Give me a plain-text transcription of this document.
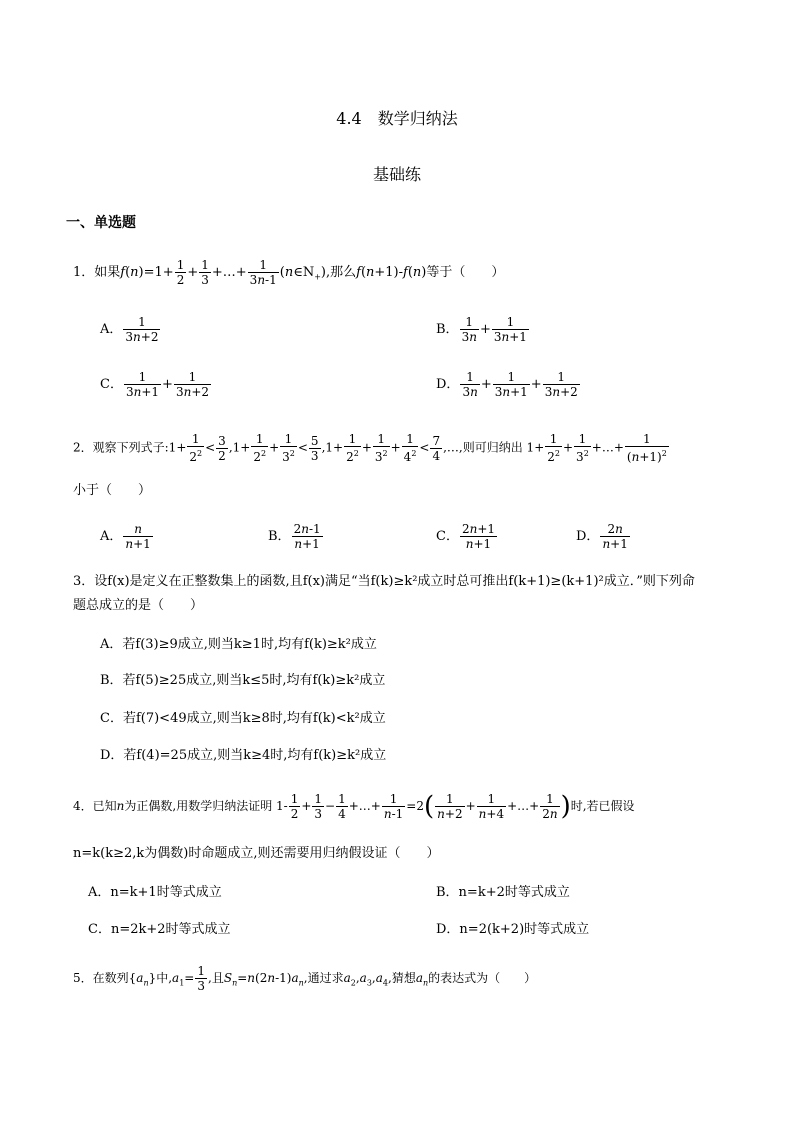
4.4　数学归纳法
基础练
一、单选题
1．如果$f(n)=1+ \frac{1}{2} + \frac{1}{3}$ +…+ $\frac{1}{3n-1}$ $(n\in N_+)$,那么f(n+1)-f(n)等于（　　）
A． $\frac{1}{3n+2}$	B． $\frac{1}{3n} + \frac{1}{3n+1}$
C． $\frac{1}{3n+1} + \frac{1}{3n+2}$	D． $\frac{1}{3n} + \frac{1}{3n+1} + \frac{1}{3n+2}$
2．观察下列式子:1+ $\frac{1}{2^2} < \frac{3}{2} ,1+ \frac{1}{2^2} + \frac{1}{3^2} < \frac{5}{3} ,1+ \frac{1}{2^2} + \frac{1}{3^2} + \frac{1}{4^2} < \frac{7}{4}$ ,…,则可归纳出 $1+ \frac{1}{2^2} + \frac{1}{3^2}$ +…+ $\frac{1}{(n+1)^2}$
小于（　　）
A． $\frac{n}{n+1}$	B． $\frac{2n-1}{n+1}$	C． $\frac{2n+1}{n+1}$	D． $\frac{2n}{n+1}$
3．设f(x)是定义在正整数集上的函数,且f(x)满足“当f(k)≥k²成立时总可推出f(k+1)≥(k+1)²成立．”则下列命
题总成立的是（　　）
A．若f(3)≥9成立,则当k≥1时,均有f(k)≥k²成立
B．若f(5)≥25成立,则当k≤5时,均有f(k)≥k²成立
C．若f(7)<49成立,则当k≥8时,均有f(k)<k²成立
D．若f(4)=25成立,则当k≥4时,均有f(k)≥k²成立
4．已知n为正偶数,用数学归纳法证明 $1- \frac{1}{2} + \frac{1}{3} - \frac{1}{4}$ +…+ $\frac{1}{n-1} =2( \frac{1}{n+2} + \frac{1}{n+4}$ +…+ $\frac{1}{2n}$ )时,若已假设
n=k(k≥2,k为偶数)时命题成立,则还需要用归纳假设证（　　）
A．n=k+1时等式成立	B．n=k+2时等式成立
C．n=2k+2时等式成立	D．n=2(k+2)时等式成立
5．在数列$\{a_n\}$中$,a_1= \frac{1}{3}$ ,且$S_n=n(2n-1)a_n$,通过求$a_2,a_3,a_4$,猜想$a_n$的表达式为（　　）
